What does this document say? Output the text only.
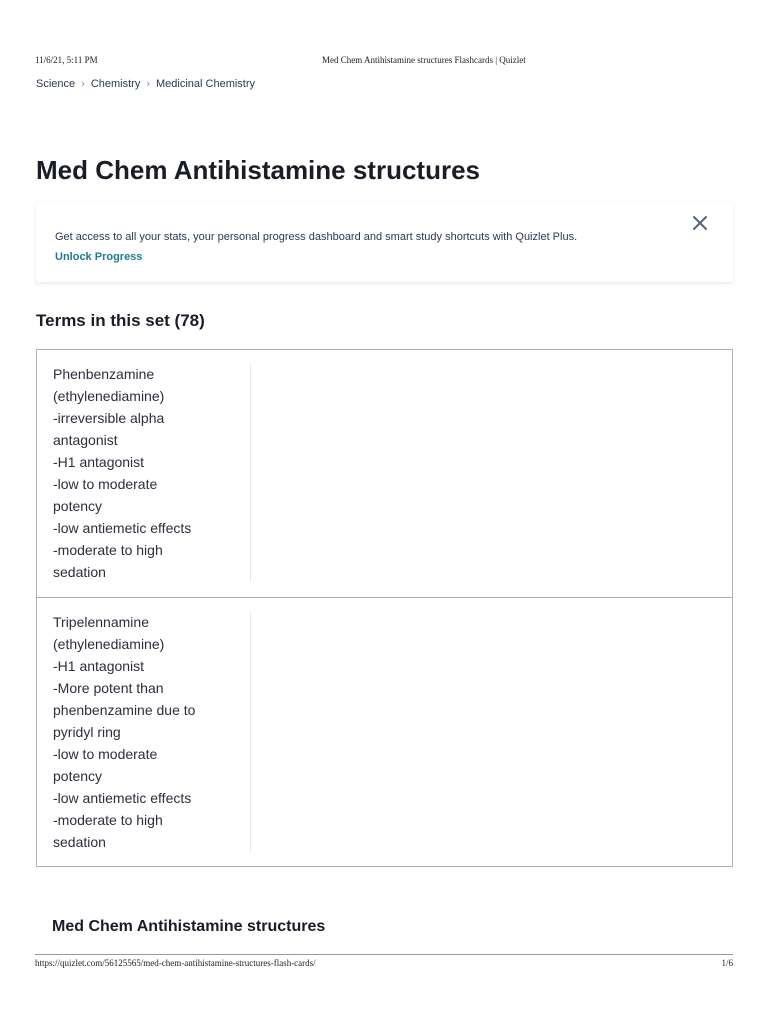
11/6/21, 5:11 PM	Med Chem Antihistamine structures Flashcards | Quizlet
Science › Chemistry › Medicinal Chemistry
Med Chem Antihistamine structures
Get access to all your stats, your personal progress dashboard and smart study shortcuts with Quizlet Plus.
Unlock Progress
Terms in this set (78)
Phenbenzamine
(ethylenediamine)
-irreversible alpha
antagonist
-H1 antagonist
-low to moderate
potency
-low antiemetic effects
-moderate to high
sedation
Tripelennamine
(ethylenediamine)
-H1 antagonist
-More potent than
phenbenzamine due to
pyridyl ring
-low to moderate
potency
-low antiemetic effects
-moderate to high
sedation
Med Chem Antihistamine structures
https://quizlet.com/56125565/med-chem-antihistamine-structures-flash-cards/	1/6
